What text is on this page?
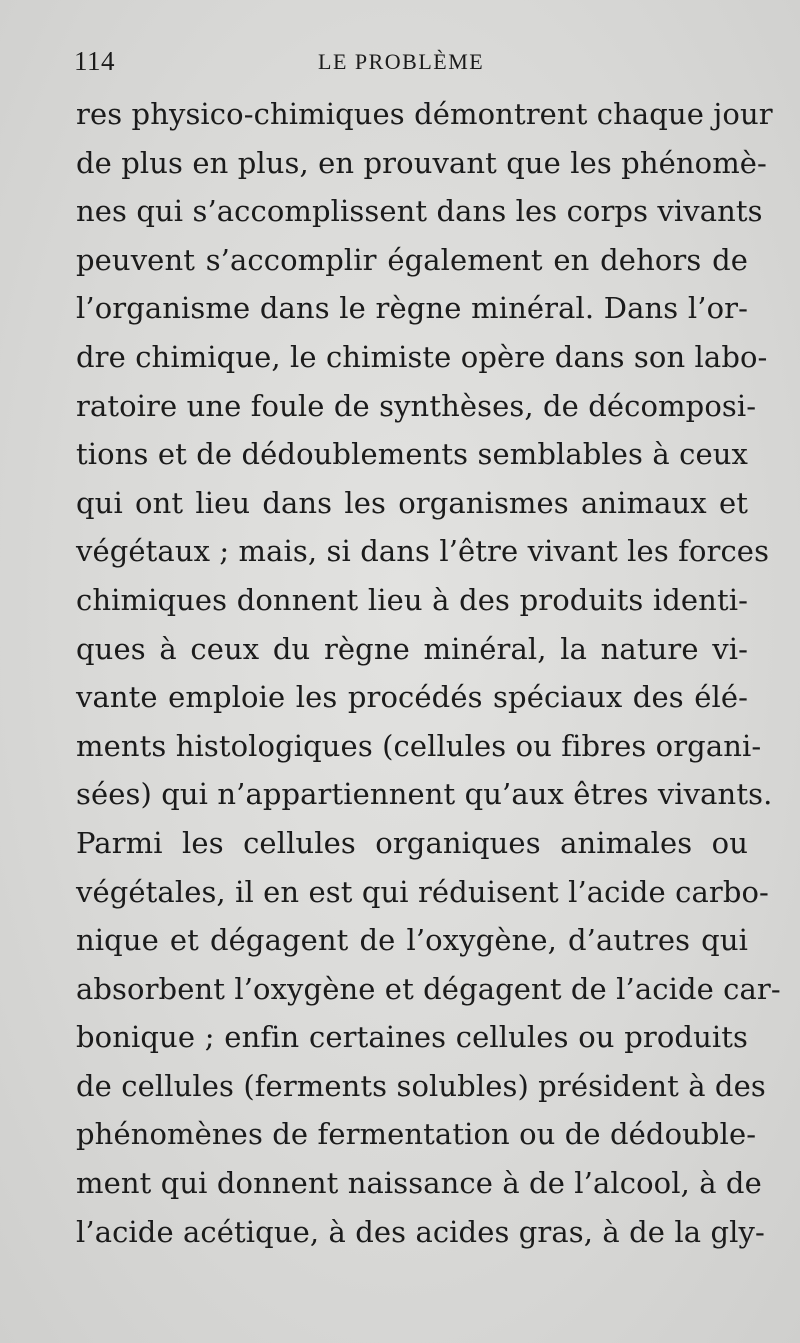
114	LE PROBLÈME
res physico-chimiques démontrent chaque jour
de plus en plus, en prouvant que les phénomè-
nes qui s’accomplissent dans les corps vivants
peuvent s’accomplir également en dehors de
l’organisme dans le règne minéral. Dans l’or-
dre chimique, le chimiste opère dans son labo-
ratoire une foule de synthèses, de décomposi-
tions et de dédoublements semblables à ceux
qui ont lieu dans les organismes animaux et
végétaux ; mais, si dans l’être vivant les forces
chimiques donnent lieu à des produits identi-
ques à ceux du règne minéral, la nature vi-
vante emploie les procédés spéciaux des élé-
ments histologiques (cellules ou fibres organi-
sées) qui n’appartiennent qu’aux êtres vivants.
Parmi les cellules organiques animales ou
végétales, il en est qui réduisent l’acide carbo-
nique et dégagent de l’oxygène, d’autres qui
absorbent l’oxygène et dégagent de l’acide car-
bonique ; enfin certaines cellules ou produits
de cellules (ferments solubles) président à des
phénomènes de fermentation ou de dédouble-
ment qui donnent naissance à de l’alcool, à de
l’acide acétique, à des acides gras, à de la gly-
